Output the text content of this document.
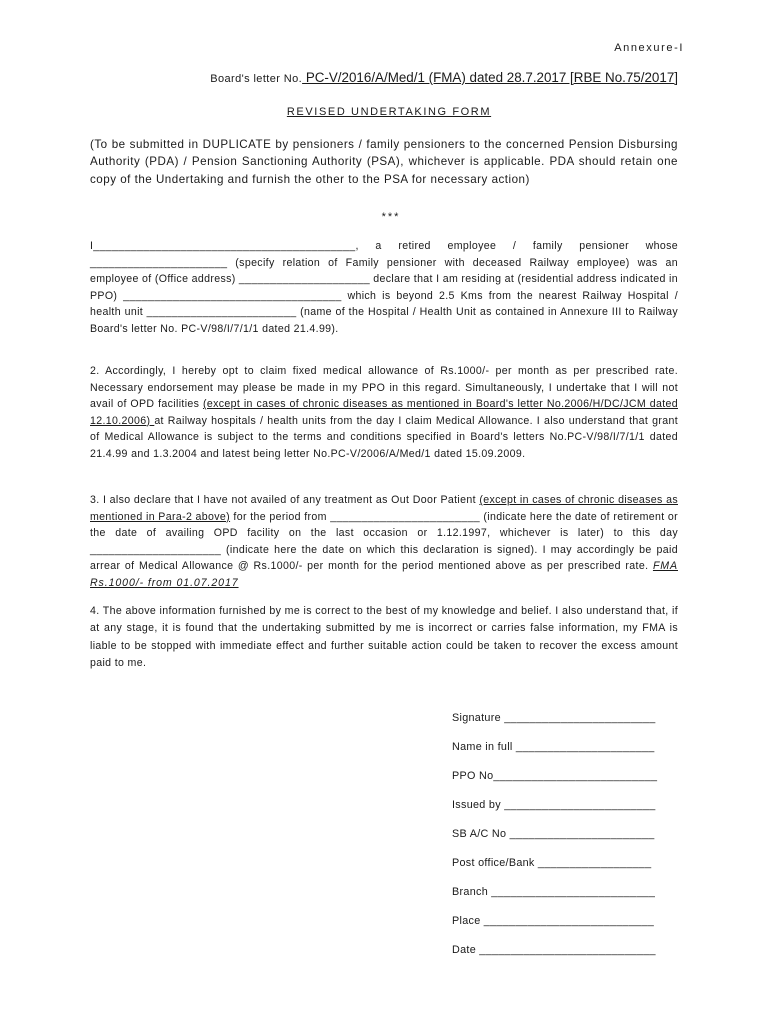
Annexure-I
Board's letter No. PC-V/2016/A/Med/1 (FMA) dated 28.7.2017 [RBE No.75/2017]
REVISED UNDERTAKING FORM
(To be submitted in DUPLICATE by pensioners / family pensioners to the concerned Pension Disbursing Authority (PDA) / Pension Sanctioning Authority (PSA), whichever is applicable. PDA should retain one copy of the Undertaking and furnish the other to the PSA for necessary action)
***
I__________________________________________, a retired employee / family pensioner whose ______________________ (specify relation of Family pensioner with deceased Railway employee) was an employee of (Office address) _____________________ declare that I am residing at (residential address indicated in PPO) ___________________________________ which is beyond 2.5 Kms from the nearest Railway Hospital / health unit ________________________ (name of the Hospital / Health Unit as contained in Annexure III to Railway Board's letter No. PC-V/98/I/7/1/1 dated 21.4.99).
2. Accordingly, I hereby opt to claim fixed medical allowance of Rs.1000/- per month as per prescribed rate. Necessary endorsement may please be made in my PPO in this regard. Simultaneously, I undertake that I will not avail of OPD facilities (except in cases of chronic diseases as mentioned in Board's letter No.2006/H/DC/JCM dated 12.10.2006) at Railway hospitals / health units from the day I claim Medical Allowance. I also understand that grant of Medical Allowance is subject to the terms and conditions specified in Board's letters No.PC-V/98/I/7/1/1 dated 21.4.99 and 1.3.2004 and latest being letter No.PC-V/2006/A/Med/1 dated 15.09.2009.
3. I also declare that I have not availed of any treatment as Out Door Patient (except in cases of chronic diseases as mentioned in Para-2 above) for the period from ________________________ (indicate here the date of retirement or the date of availing OPD facility on the last occasion or 1.12.1997, whichever is later) to this day _____________________ (indicate here the date on which this declaration is signed). I may accordingly be paid arrear of Medical Allowance @ Rs.1000/- per month for the period mentioned above as per prescribed rate. FMA Rs.1000/- from 01.07.2017
4. The above information furnished by me is correct to the best of my knowledge and belief. I also understand that, if at any stage, it is found that the undertaking submitted by me is incorrect or carries false information, my FMA is liable to be stopped with immediate effect and further suitable action could be taken to recover the excess amount paid to me.
Signature ________________________
Name in full ______________________
PPO No__________________________
Issued by ________________________
SB A/C No _______________________
Post office/Bank __________________
Branch __________________________
Place ___________________________
Date ____________________________
